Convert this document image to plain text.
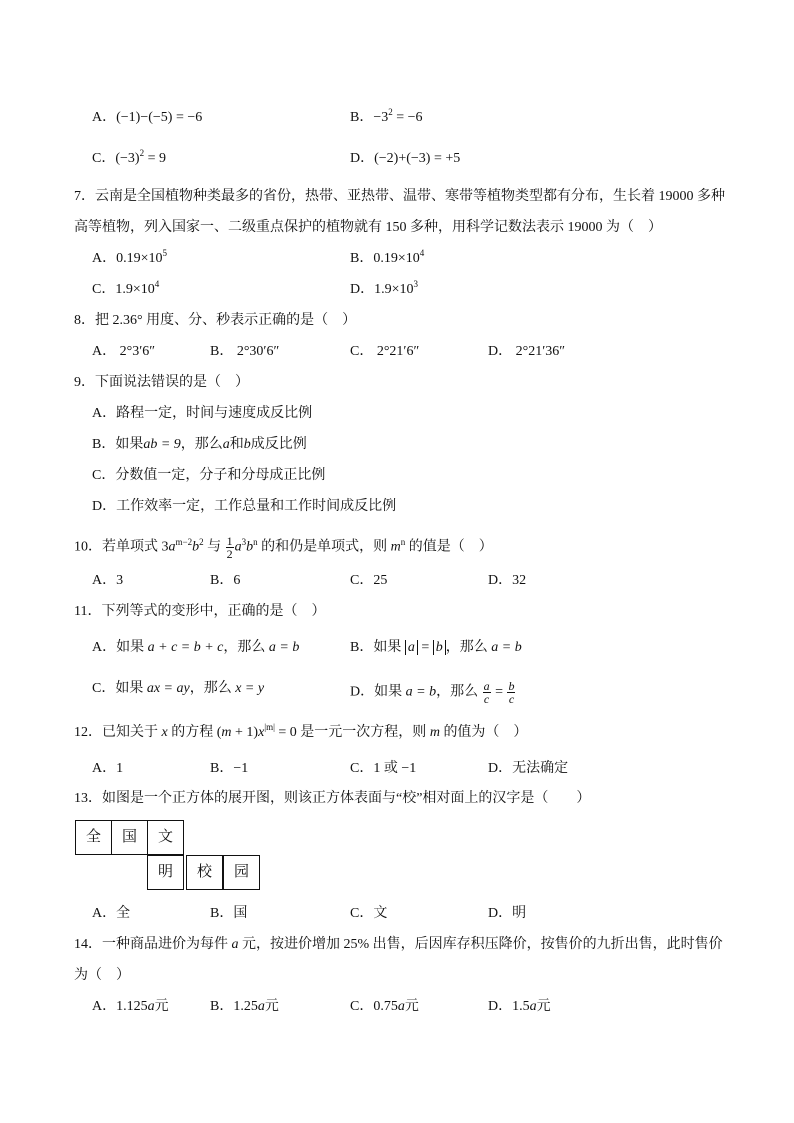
A．(−1)−(−5) = −6	B．$-3^2 = -6$
C．$(-3)^2 = 9$	D．(−2)+(−3) = +5
7．云南是全国植物种类最多的省份，热带、亚热带、温带、寒带等植物类型都有分布，生长着 19000 多种
高等植物，列入国家一、二级重点保护的植物就有 150 多种，用科学记数法表示 19000 为（　）
A．$0.19\times 10^5$	B．$0.19\times 10^4$
C．$1.9\times 10^4$	D．$1.9\times 10^3$
8．把 2.36° 用度、分、秒表示正确的是（　）
A． 2°3′6″	B． 2°30′6″	C． 2°21′6″	D． 2°21′36″
9．下面说法错误的是（　）
A．路程一定，时间与速度成反比例
B．如果ab = 9，那么a和b成反比例
C．分数值一定，分子和分母成正比例
D．工作效率一定，工作总量和工作时间成反比例
10．若单项式 $3a^{m-2}b^2$ 与 $\frac{1}{2} a^3b^n$ 的和仍是单项式，则 $m^n$ 的值是（　）
A．3	B．6	C．25	D．32
11．下列等式的变形中，正确的是（　）
A．如果 a + c = b + c，那么 a = b	B．如果 a = b ，那么 a = b
C．如果 ax = ay，那么 x = y	D．如果 a = b，那么 $\frac{a}{c} = \frac{b}{c}$
12．已知关于 x 的方程 $(m + 1)x^{|m|} = 0$ 是一元一次方程，则 m 的值为（　）
A．1	B．−1	C．1 或 −1	D．无法确定
13．如图是一个正方体的展开图，则该正方体表面与“校”相对面上的汉字是（　　）
全	国	文
明	校	园
A．全	B．国	C．文	D．明
14．一种商品进价为每件 a 元，按进价增加 25% 出售，后因库存积压降价，按售价的九折出售，此时售价
为（　）
A．1.125a元	B．1.25a元	C．0.75a元	D．1.5a元
